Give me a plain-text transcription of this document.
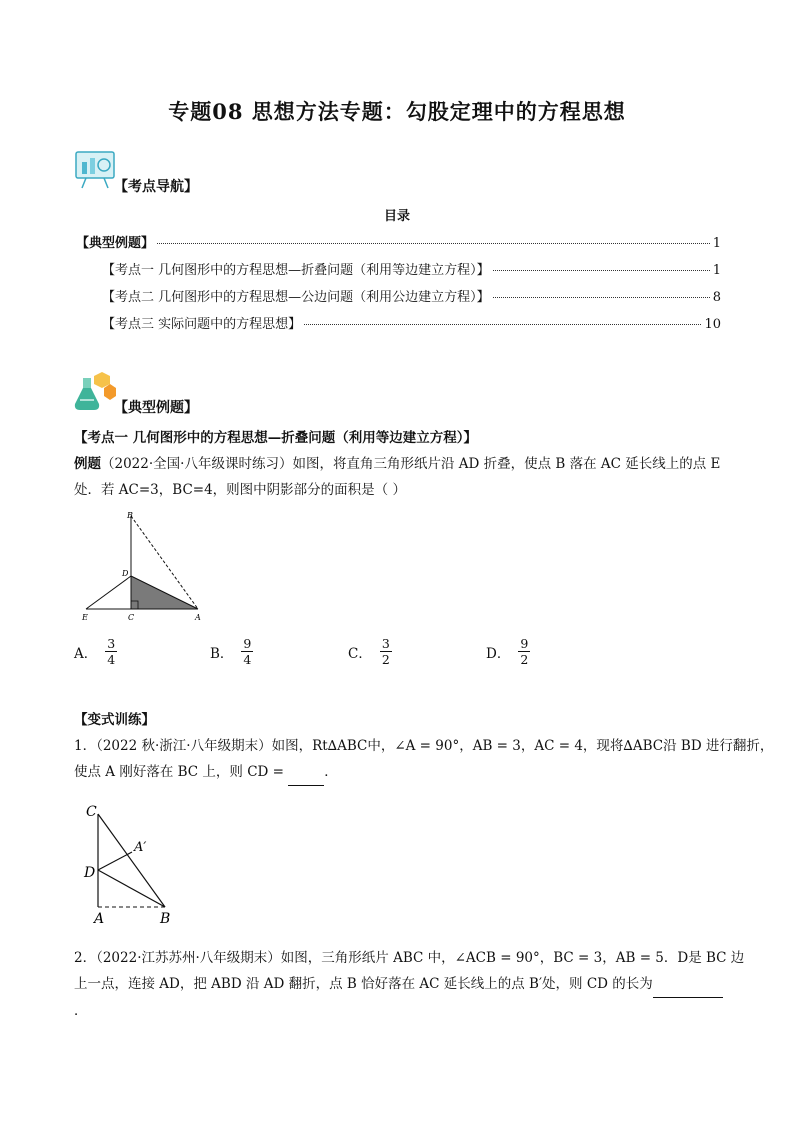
专题08 思想方法专题：勾股定理中的方程思想
【考点导航】
目录
【典型例题】	1
【考点一 几何图形中的方程思想—折叠问题（利用等边建立方程）】	1
【考点二 几何图形中的方程思想—公边问题（利用公边建立方程）】	8
【考点三 实际问题中的方程思想】	10
【典型例题】
【考点一 几何图形中的方程思想—折叠问题（利用等边建立方程）】
例题（2022·全国·八年级课时练习）如图，将直角三角形纸片沿 AD 折叠，使点 B 落在 AC 延长线上的点 E
处．若 AC=3，BC=4，则图中阴影部分的面积是（ ）
B
D
E	C	A
A． $\frac{3}{4}$	B． $\frac{9}{4}$	C． $\frac{3}{2}$	D． $\frac{9}{2}$
【变式训练】
1．（2022 秋·浙江·八年级期末）如图，Rt∆ABC中，∠A = 90°，AB = 3，AC = 4，现将∆ABC沿 BD 进行翻折，
使点 A 刚好落在 BC 上，则 CD =	．
C
A′
D
A	B
2．（2022·江苏苏州·八年级期末）如图，三角形纸片 ABC 中，∠ACB = 90°，BC = 3，AB = 5．D是 BC 边
上一点，连接 AD，把 ABD 沿 AD 翻折，点 B 恰好落在 AC 延长线上的点 B′处，则 CD 的长为 ．
